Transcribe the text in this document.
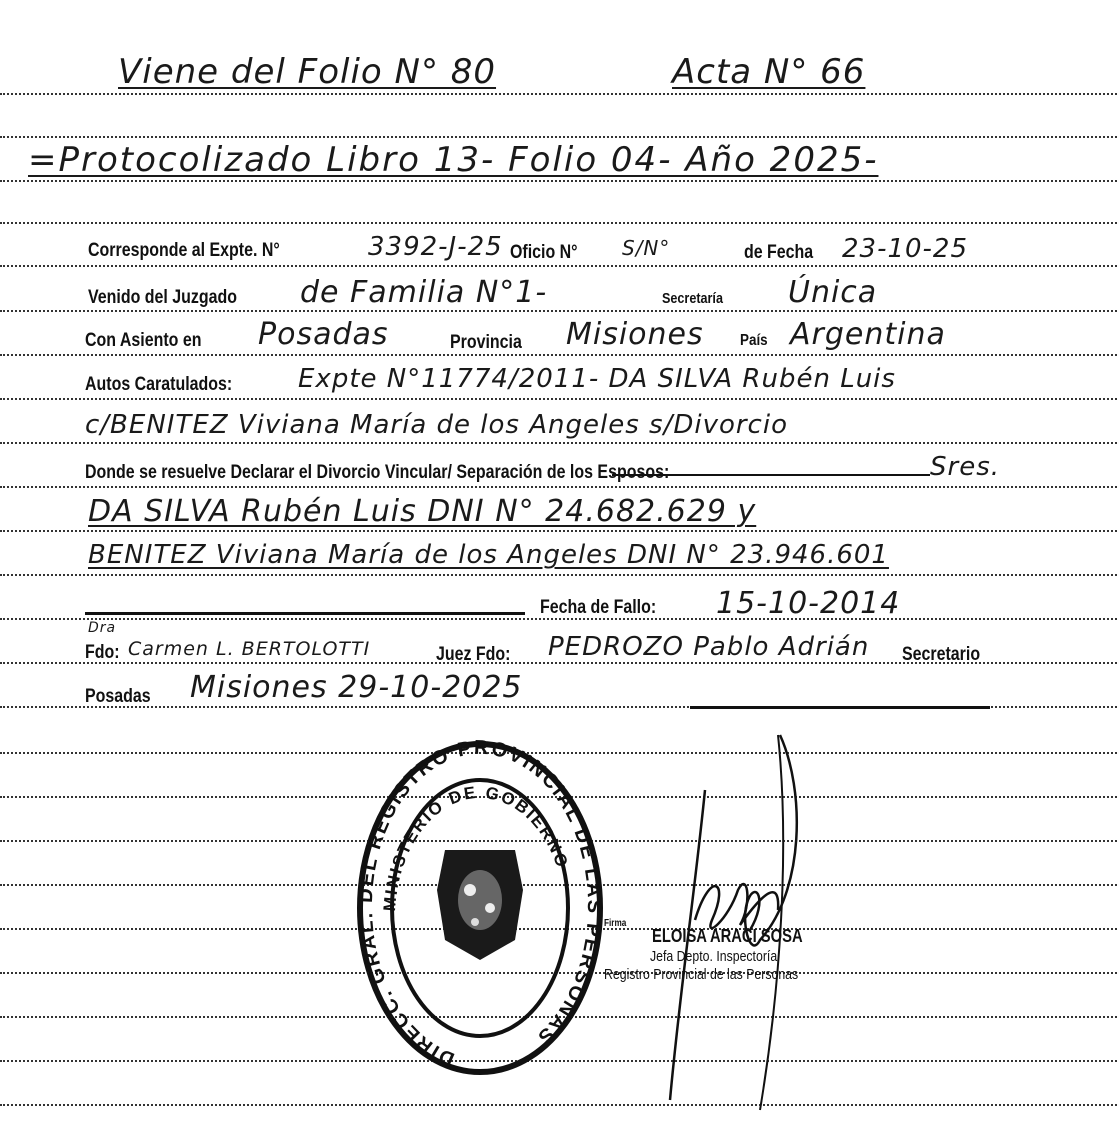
Viene del Folio N° 80	Acta N° 66
=Protocolizado Libro 13- Folio 04- Año 2025-
Corresponde al Expte. N°	3392-J-25 Oficio N° S/N°	de Fecha 23-10-25
Venido del Juzgado de Familia N°1-	Secretaría Única
Con Asiento en Posadas	Provincia Misiones País Argentina
Autos Caratulados:	Expte N°11774/2011- DA SILVA Rubén Luis
c/BENITEZ Viviana María de los Angeles s/Divorcio
Donde se resuelve Declarar el Divorcio Vincular/ Separación de los Esposos:	Sres.
DA SILVA Rubén Luis DNI N° 24.682.629 y
BENITEZ Viviana María de los Angeles DNI N° 23.946.601
Fecha de Fallo: 15-10-2014
Dra
Fdo: Carmen L. BERTOLOTTI	Juez Fdo: PEDROZO Pablo Adrián Secretario
Posadas Misiones 29-10-2025
DIRECC. GRAL. DEL REGISTRO PROVINCIAL DE LAS PERSONAS
MINISTERIO DE GOBIERNO
Firma
ELOISA ARACI SOSA
Jefa Depto. Inspectoría
Registro Provincial de las Personas
